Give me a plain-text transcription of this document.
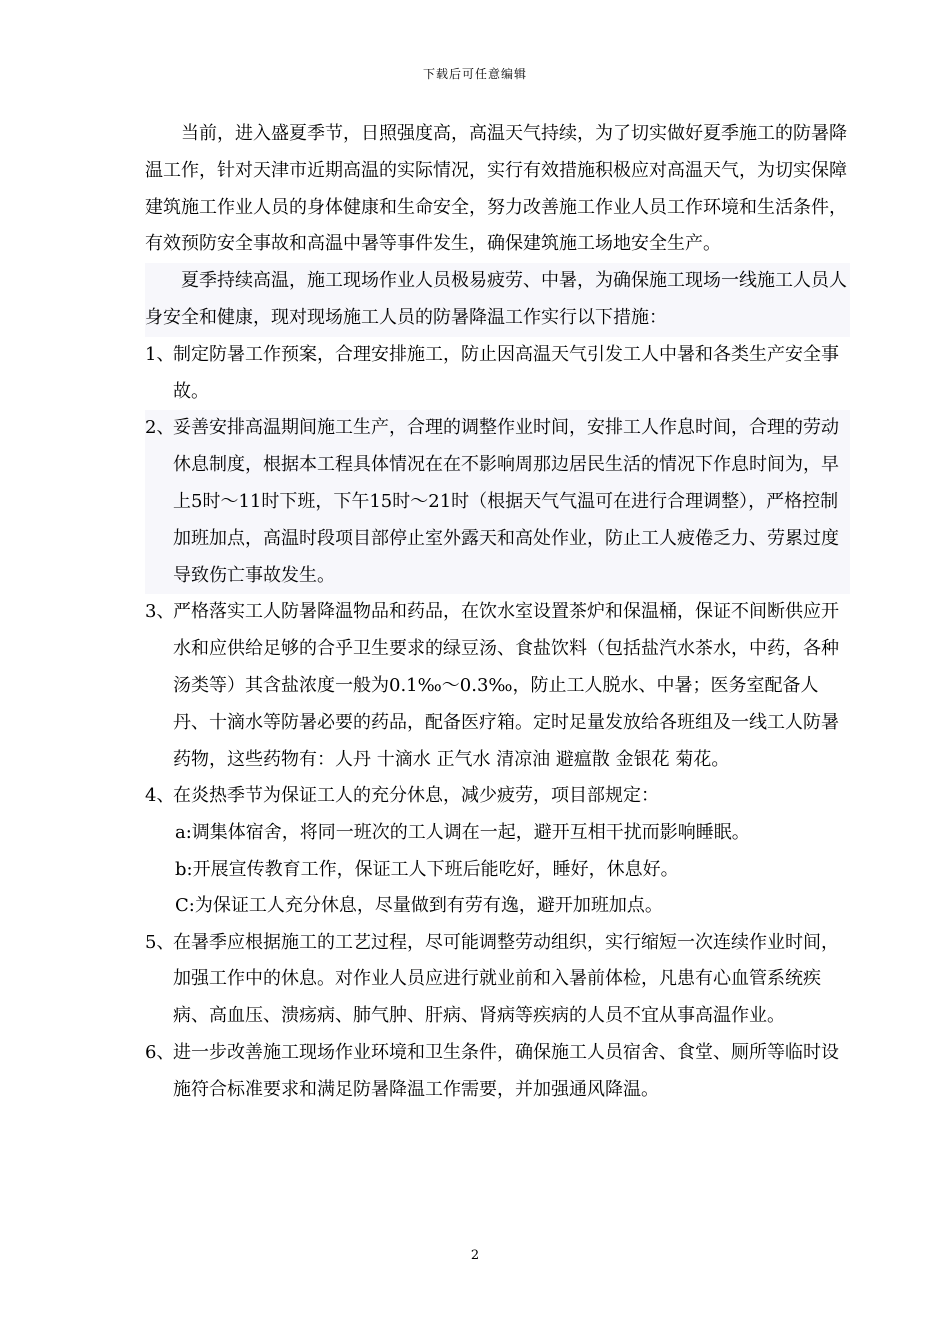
下载后可任意编辑

当前，进入盛夏季节，日照强度高，高温天气持续，为了切实做好夏季施工的防暑降温工作，针对天津市近期高温的实际情况，实行有效措施积极应对高温天气，为切实保障建筑施工作业人员的身体健康和生命安全，努力改善施工作业人员工作环境和生活条件，有效预防安全事故和高温中暑等事件发生，确保建筑施工场地安全生产。

夏季持续高温，施工现场作业人员极易疲劳、中暑，为确保施工现场一线施工人员人身安全和健康，现对现场施工人员的防暑降温工作实行以下措施：

1、
制定防暑工作预案，合理安排施工，防止因高温天气引发工人中暑和各类生产安全事故。

2、
妥善安排高温期间施工生产，合理的调整作业时间，安排工人作息时间，合理的劳动休息制度，根据本工程具体情况在在不影响周那边居民生活的情况下作息时间为，早上5时～11时下班，下午15时～21时（根据天气气温可在进行合理调整），严格控制加班加点，高温时段项目部停止室外露天和高处作业，防止工人疲倦乏力、劳累过度导致伤亡事故发生。

3、
严格落实工人防暑降温物品和药品，在饮水室设置茶炉和保温桶，保证不间断供应开水和应供给足够的合乎卫生要求的绿豆汤、食盐饮料（包括盐汽水茶水，中药，各种汤类等）其含盐浓度一般为0.1‰～0.3‰，防止工人脱水、中暑；医务室配备人丹、十滴水等防暑必要的药品，配备医疗箱。定时足量发放给各班组及一线工人防暑药物，这些药物有：人丹 十滴水 正气水 清凉油 避瘟散 金银花 菊花。

4、
在炎热季节为保证工人的充分休息，减少疲劳，项目部规定：

a:调集体宿舍，将同一班次的工人调在一起，避开互相干扰而影响睡眠。

b:开展宣传教育工作，保证工人下班后能吃好，睡好，休息好。

C:为保证工人充分休息，尽量做到有劳有逸，避开加班加点。

5、
在暑季应根据施工的工艺过程，尽可能调整劳动组织，实行缩短一次连续作业时间，加强工作中的休息。对作业人员应进行就业前和入暑前体检，凡患有心血管系统疾病、高血压、溃疡病、肺气肿、肝病、肾病等疾病的人员不宜从事高温作业。

6、
进一步改善施工现场作业环境和卫生条件，确保施工人员宿舍、食堂、厕所等临时设施符合标准要求和满足防暑降温工作需要，并加强通风降温。

2
